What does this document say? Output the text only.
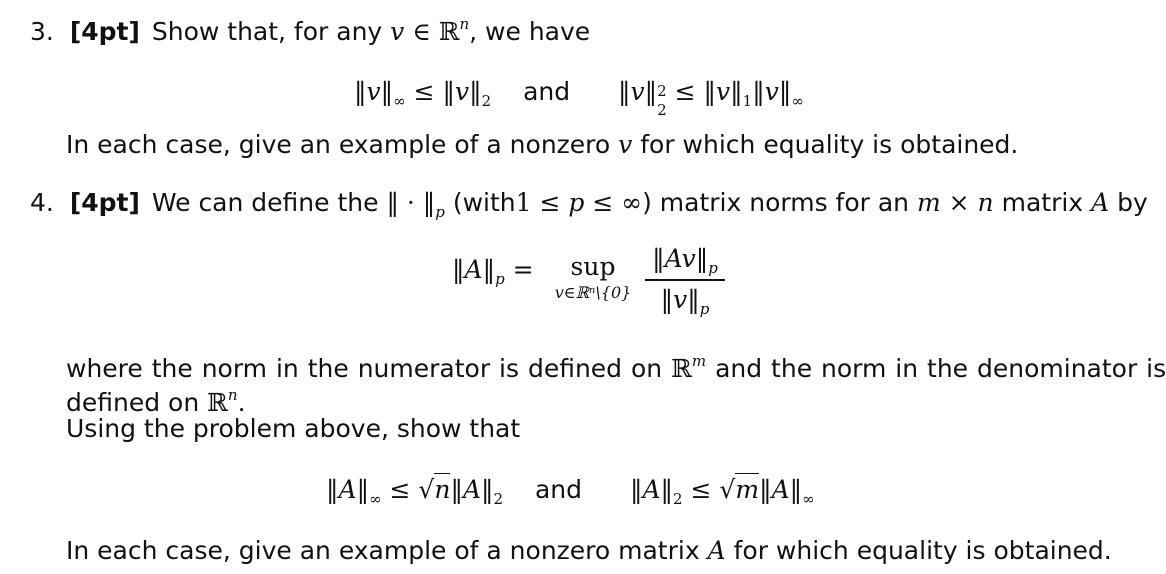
3. [4pt] Show that, for any v ∈ ℝ$^n$, we have
$‖v‖_\infty$ ≤ $‖v‖_2$ and ‖v‖ $^{2 2}$
≤ $‖v‖_1‖v‖_\infty$
In each case, give an example of a nonzero v for which equality is obtained.
4. [4pt] We can define the ‖ · $‖_p$ (with1 ≤ p ≤ ∞) matrix norms for an m × n matrix A by
$‖A‖_p$ = sup
v∈ℝⁿ\{0}
$‖Av‖_p$
$‖v‖_p$
where the norm in the numerator is defined on ℝ$^m$ and the norm in the denominator is
defined on ℝ$^n$.
Using the problem above, show that
$‖A‖_\infty$ ≤ $√n‖A‖_2$ and $‖A‖_2$ ≤ $√m‖A‖_\infty$
In each case, give an example of a nonzero matrix A for which equality is obtained.
